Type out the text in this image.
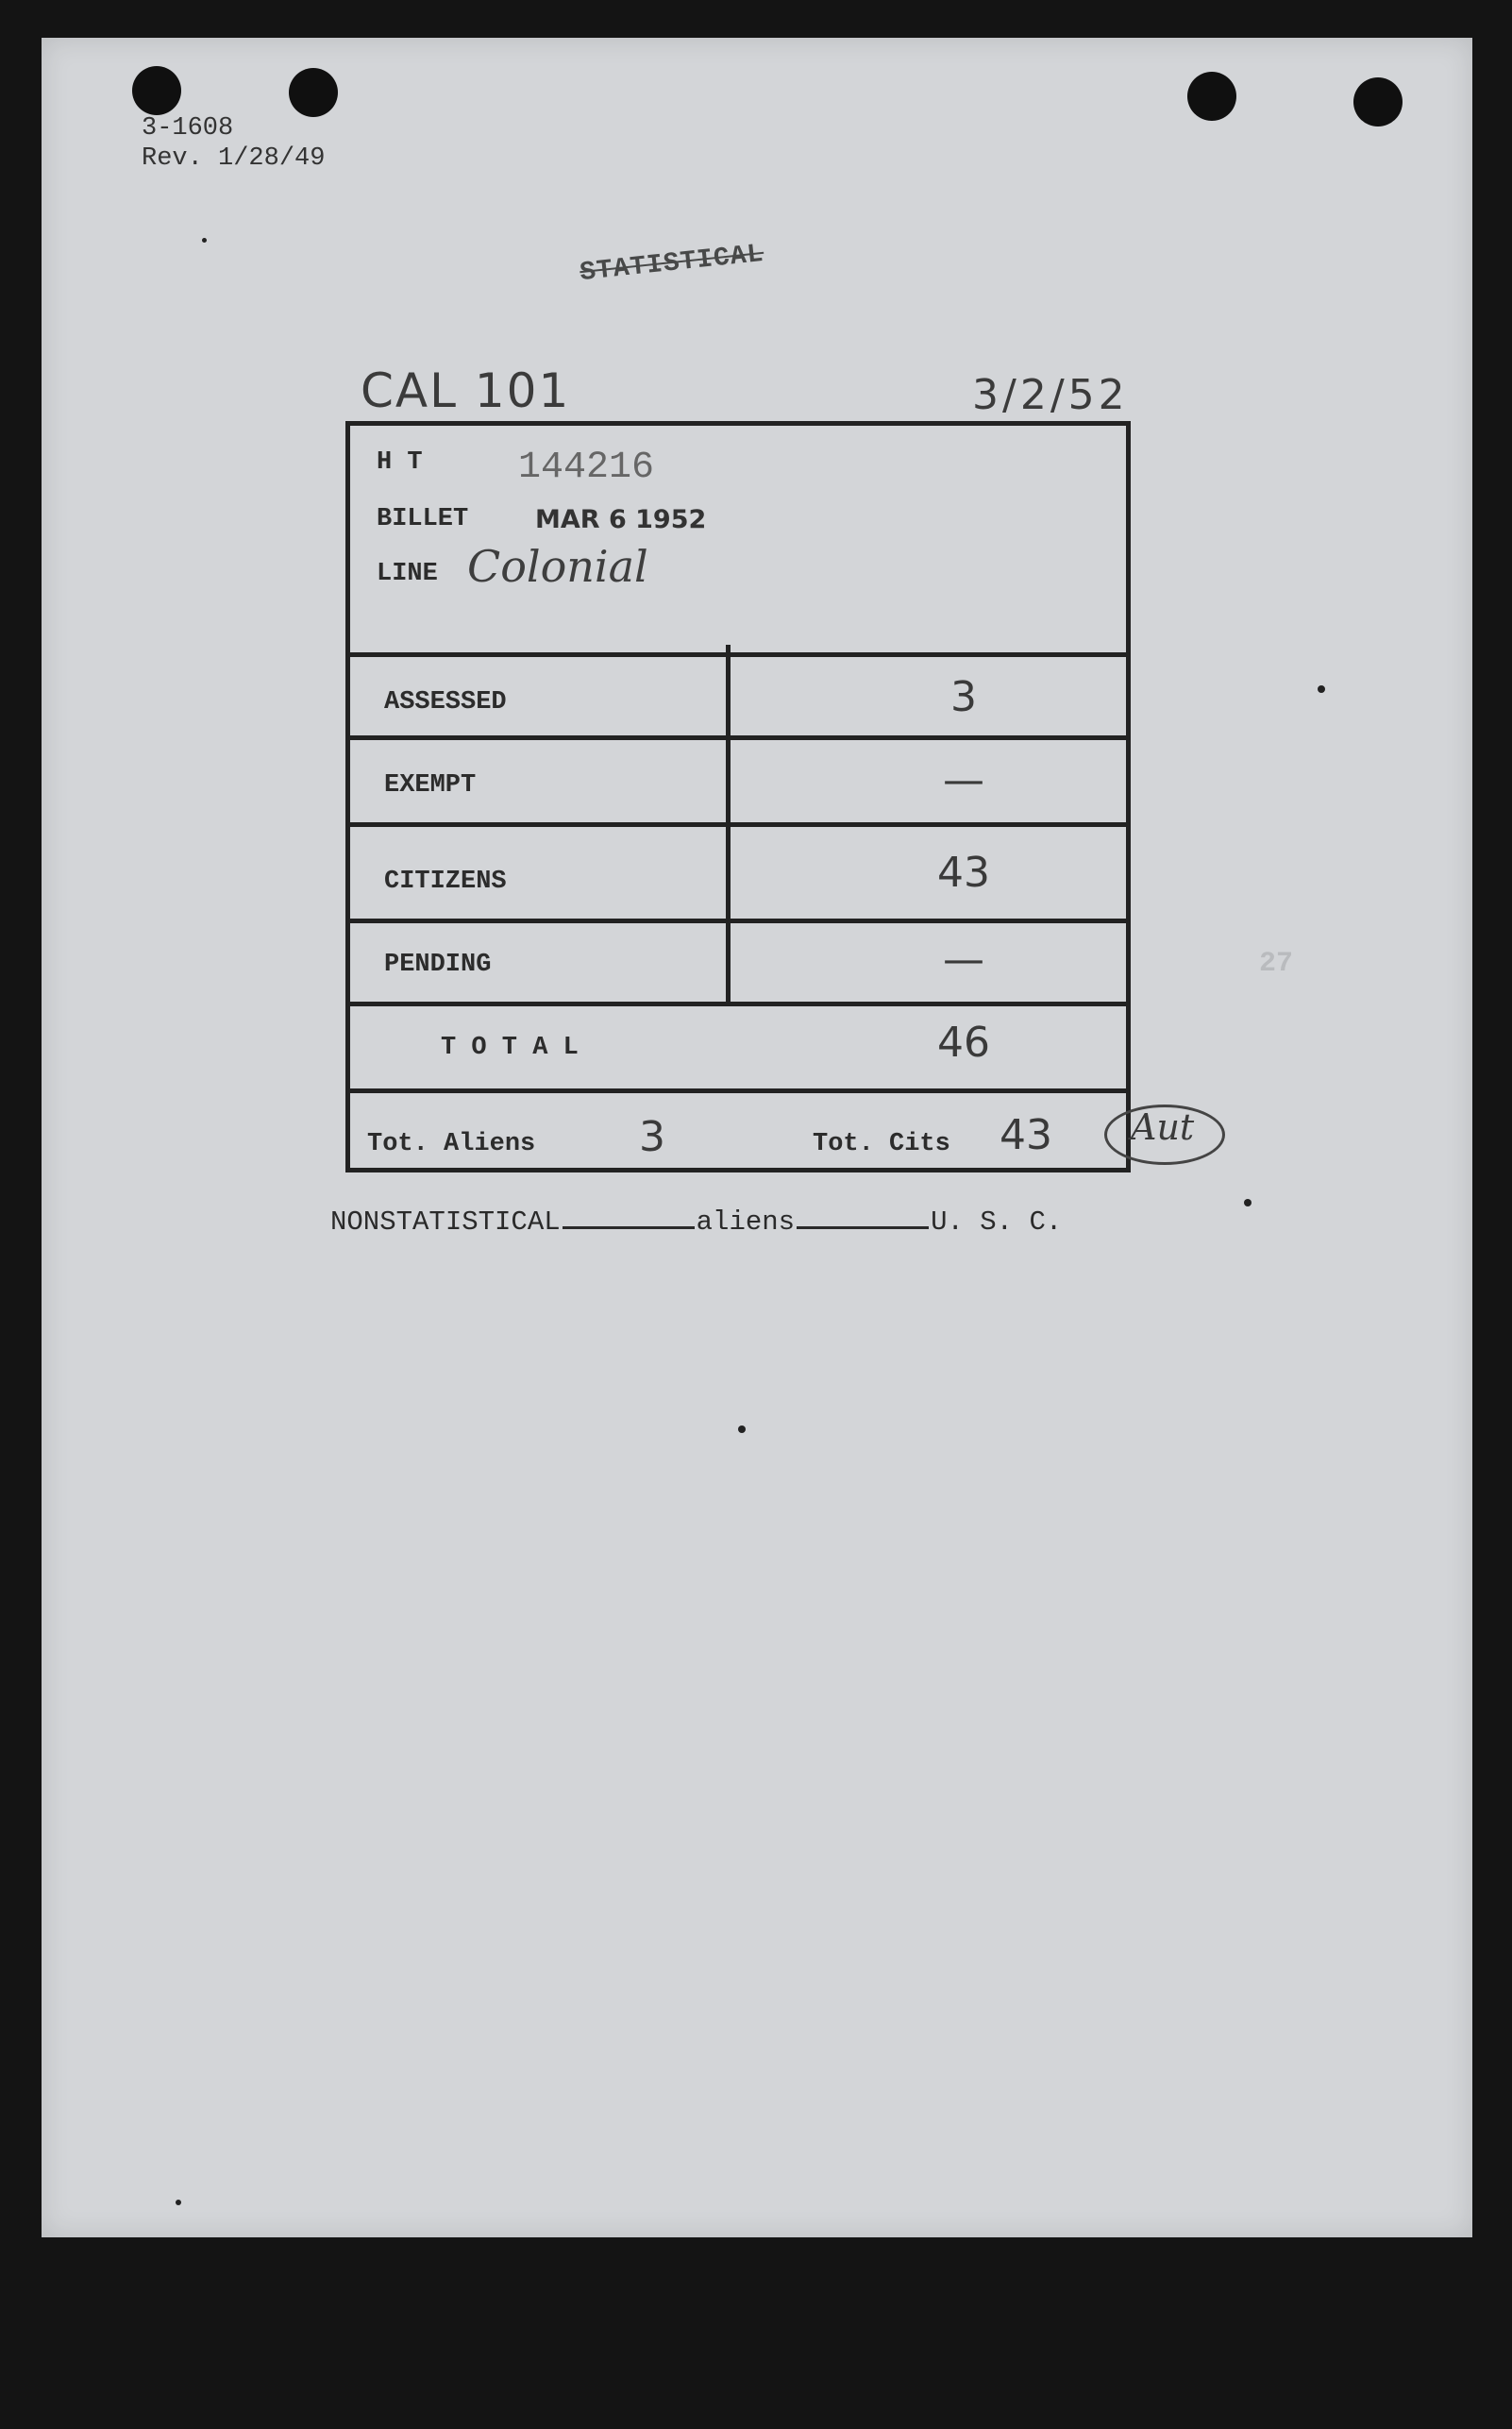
3-1608
Rev. 1/28/49
STATISTICAL
CAL 101	3/2/52
H T	144216
BILLET	MAR 6 1952
LINE Colonial
ASSESSED	3
EXEMPT	—
CITIZENS	43
PENDING	—
T O T A L	46
Tot. Aliens	3	Tot. Cits 43	Aut
NONSTATISTICAL	aliens	U. S. C.
27
